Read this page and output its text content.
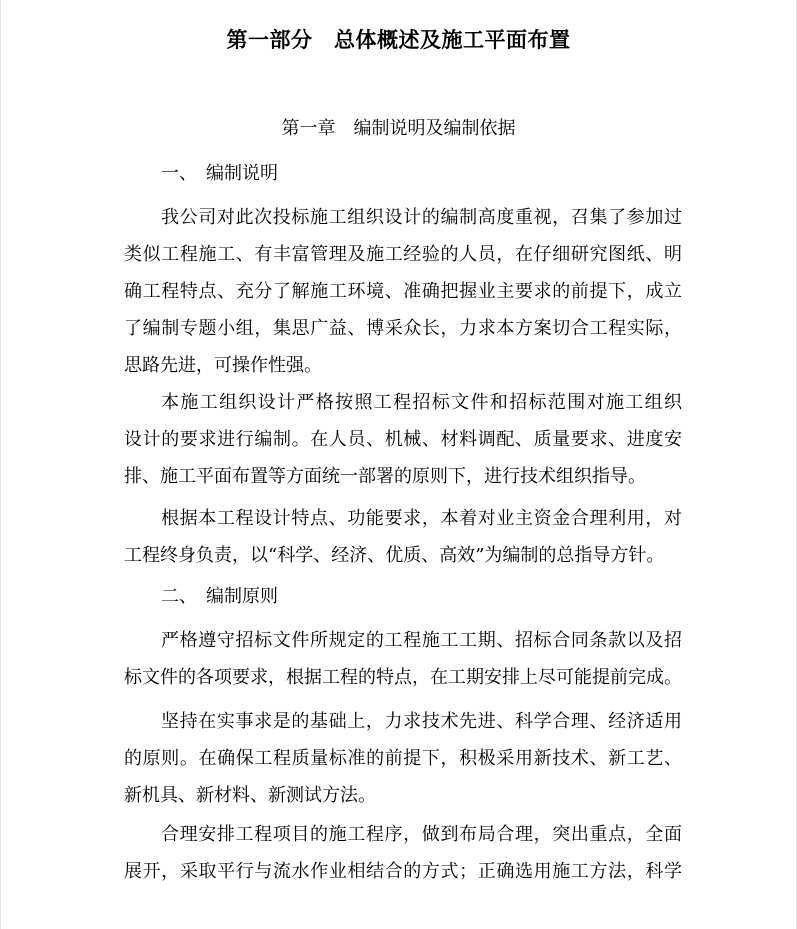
第一部分　总体概述及施工平面布置
第一章　编制说明及编制依据
一、　编制说明
我公司对此次投标施工组织设计的编制高度重视，召集了参加过
类似工程施工、有丰富管理及施工经验的人员，在仔细研究图纸、明
确工程特点、充分了解施工环境、准确把握业主要求的前提下，成立
了编制专题小组，集思广益、博采众长，力求本方案切合工程实际，
思路先进，可操作性强。
本施工组织设计严格按照工程招标文件和招标范围对施工组织
设计的要求进行编制。在人员、机械、材料调配、质量要求、进度安
排、施工平面布置等方面统一部署的原则下，进行技术组织指导。
根据本工程设计特点、功能要求，本着对业主资金合理利用，对
工程终身负责，以“科学、经济、优质、高效”为编制的总指导方针。
二、　编制原则
严格遵守招标文件所规定的工程施工工期、招标合同条款以及招
标文件的各项要求，根据工程的特点，在工期安排上尽可能提前完成。
坚持在实事求是的基础上，力求技术先进、科学合理、经济适用
的原则。在确保工程质量标准的前提下，积极采用新技术、新工艺、
新机具、新材料、新测试方法。
合理安排工程项目的施工程序，做到布局合理，突出重点，全面
展开，采取平行与流水作业相结合的方式；正确选用施工方法，科学
